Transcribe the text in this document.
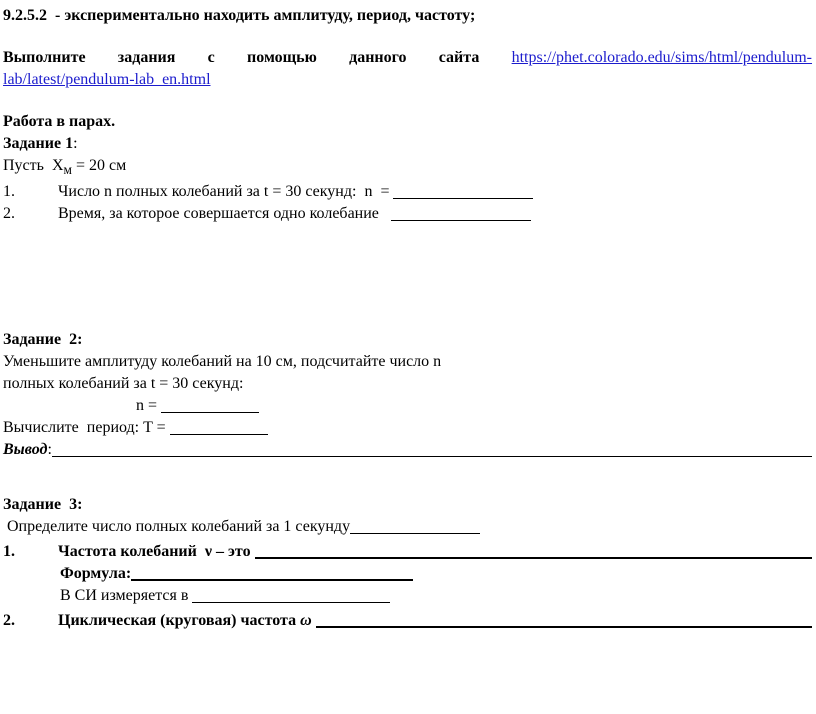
9.2.5.2  - экспериментально находить амплитуду, период, частоту;

Выполните задания с помощью данного сайта https://phet.colorado.edu/sims/html/pendulum-

lab/latest/pendulum-lab_en.html

Работа в парах.

Задание 1:

Пусть  $X_м = 20$ см

1.	Число n полных колебаний за t = 30 секунд:  n  =

2.	Время, за которое совершается одно колебание

Задание  2:

Уменьшите амплитуду колебаний на 10 см, подсчитайте число n

полных колебаний за t = 30 секунд:

n =

Вычислите  период: T =

Вывод :

Задание  3:

Определите число полных колебаний за 1 секунду

1.	Частота колебаний  ν – это

Формула:

В СИ измеряется в

2.	Циклическая (круговая) частота ω
